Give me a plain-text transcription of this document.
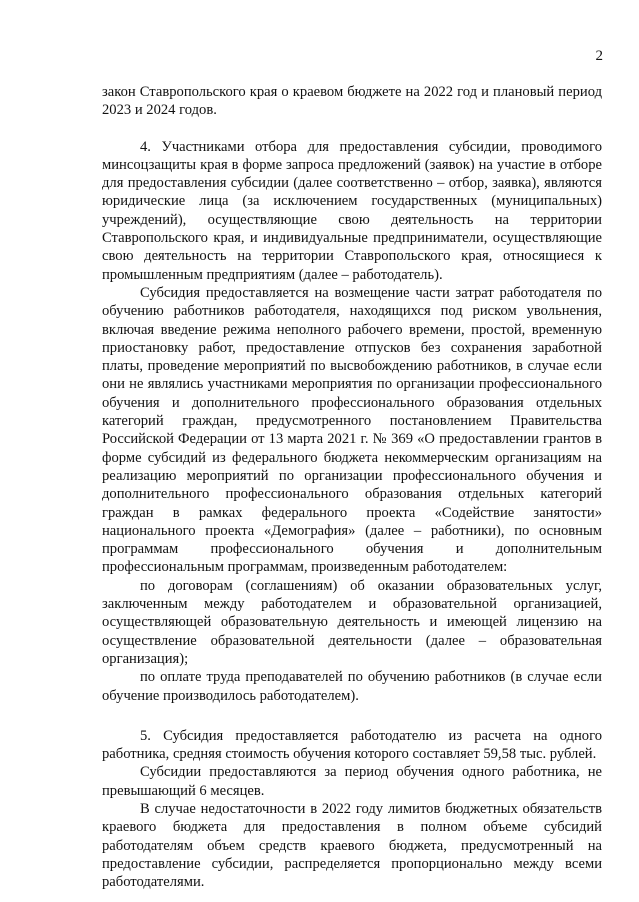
2

закон Ставропольского края о краевом бюджете на 2022 год и плановый период 2023 и 2024 годов.

4. Участниками отбора для предоставления субсидии, проводимого минсоцзащиты края в форме запроса предложений (заявок) на участие в отборе для предоставления субсидии (далее соответственно – отбор, заявка), являются юридические лица (за исключением государственных (муниципальных) учреждений), осуществляющие свою деятельность на территории Ставропольского края, и индивидуальные предприниматели, осуществляющие свою деятельность на территории Ставропольского края, относящиеся к промышленным предприятиям (далее – работодатель).

Субсидия предоставляется на возмещение части затрат работодателя по обучению работников работодателя, находящихся под риском увольнения, включая введение режима неполного рабочего времени, простой, временную приостановку работ, предоставление отпусков без сохранения заработной платы, проведение мероприятий по высвобождению работников, в случае если они не являлись участниками мероприятия по организации профессионального обучения и дополнительного профессионального образования отдельных категорий граждан, предусмотренного постановлением Правительства Российской Федерации от 13 марта 2021 г. № 369 «О предоставлении грантов в форме субсидий из федерального бюджета некоммерческим организациям на реализацию мероприятий по организации профессионального обучения и дополнительного профессионального образования отдельных категорий граждан в рамках федерального проекта «Содействие занятости» национального проекта «Демография» (далее – работники), по основным программам профессионального обучения и дополнительным профессиональным программам, произведенным работодателем:

по договорам (соглашениям) об оказании образовательных услуг, заключенным между работодателем и образовательной организацией, осуществляющей образовательную деятельность и имеющей лицензию на осуществление образовательной деятельности (далее – образовательная организация);

по оплате труда преподавателей по обучению работников (в случае если обучение производилось работодателем).

5. Субсидия предоставляется работодателю из расчета на одного работника, средняя стоимость обучения которого составляет 59,58 тыс. рублей.

Субсидии предоставляются за период обучения одного работника, не превышающий 6 месяцев.

В случае недостаточности в 2022 году лимитов бюджетных обязательств краевого бюджета для предоставления в полном объеме субсидий работодателям объем средств краевого бюджета, предусмотренный на предоставление субсидии, распределяется пропорционально между всеми работодателями.
